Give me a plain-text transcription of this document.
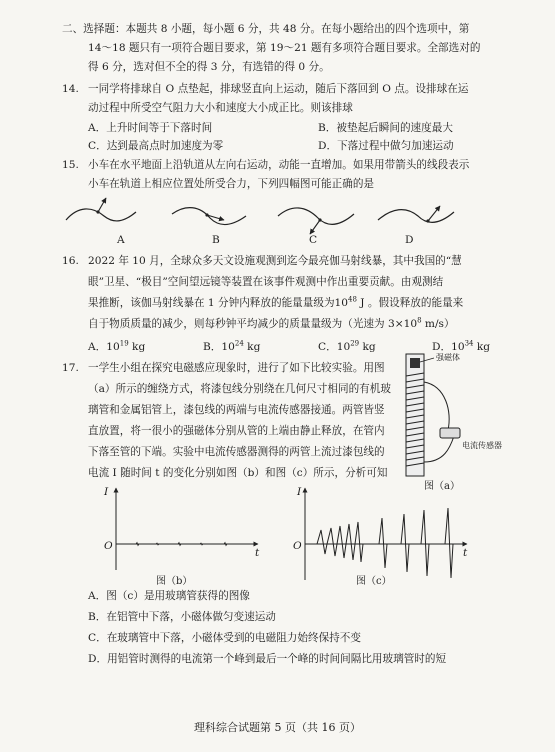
二、选择题：本题共 8 小题，每小题 6 分，共 48 分。在每小题给出的四个选项中，第
14～18 题只有一项符合题目要求，第 19～21 题有多项符合题目要求。全部选对的
得 6 分，选对但不全的得 3 分，有选错的得 0 分。
14. 一同学将排球自 O 点垫起，排球竖直向上运动，随后下落回到 O 点。设排球在运
动过程中所受空气阻力大小和速度大小成正比。则该排球
A．上升时间等于下落时间	B．被垫起后瞬间的速度最大
C．达到最高点时加速度为零	D．下落过程中做匀加速运动
15. 小车在水平地面上沿轨道从左向右运动，动能一直增加。如果用带箭头的线段表示
小车在轨道上相应位置处所受合力，下列四幅图可能正确的是
A	B	C	D
16. 2022 年 10 月，全球众多天文设施观测到迄今最亮伽马射线暴，其中我国的“慧
眼”卫星、“极目”空间望远镜等装置在该事件观测中作出重要贡献。由观测结
果推断，该伽马射线暴在 1 分钟内释放的能量量级为$10^{48}$ J 。假设释放的能量来
自于物质质量的减少，则每秒钟平均减少的质量量级为（光速为 $3\times 10^8$ m/s）
A．$10^{19}$ kg	B．$10^{24}$ kg	C．$10^{29}$ kg	D．$10^{34}$ kg
17. 一学生小组在探究电磁感应现象时，进行了如下比较实验。用图
（a）所示的缠绕方式，将漆包线分别绕在几何尺寸相同的有机玻
璃管和金属铝管上，漆包线的两端与电流传感器接通。两管皆竖
直放置，将一很小的强磁体分别从管的上端由静止释放，在管内
下落至管的下端。实验中电流传感器测得的两管上流过漆包线的
电流 I 随时间 t 的变化分别如图（b）和图（c）所示，分析可知
强磁体
电流传感器
图（a）
I
O
t
图（b）
I
O
t
图（c）
A．图（c）是用玻璃管获得的图像
B．在铝管中下落，小磁体做匀变速运动
C．在玻璃管中下落，小磁体受到的电磁阻力始终保持不变
D．用铝管时测得的电流第一个峰到最后一个峰的时间间隔比用玻璃管时的短
理科综合试题第 5 页（共 16 页）
